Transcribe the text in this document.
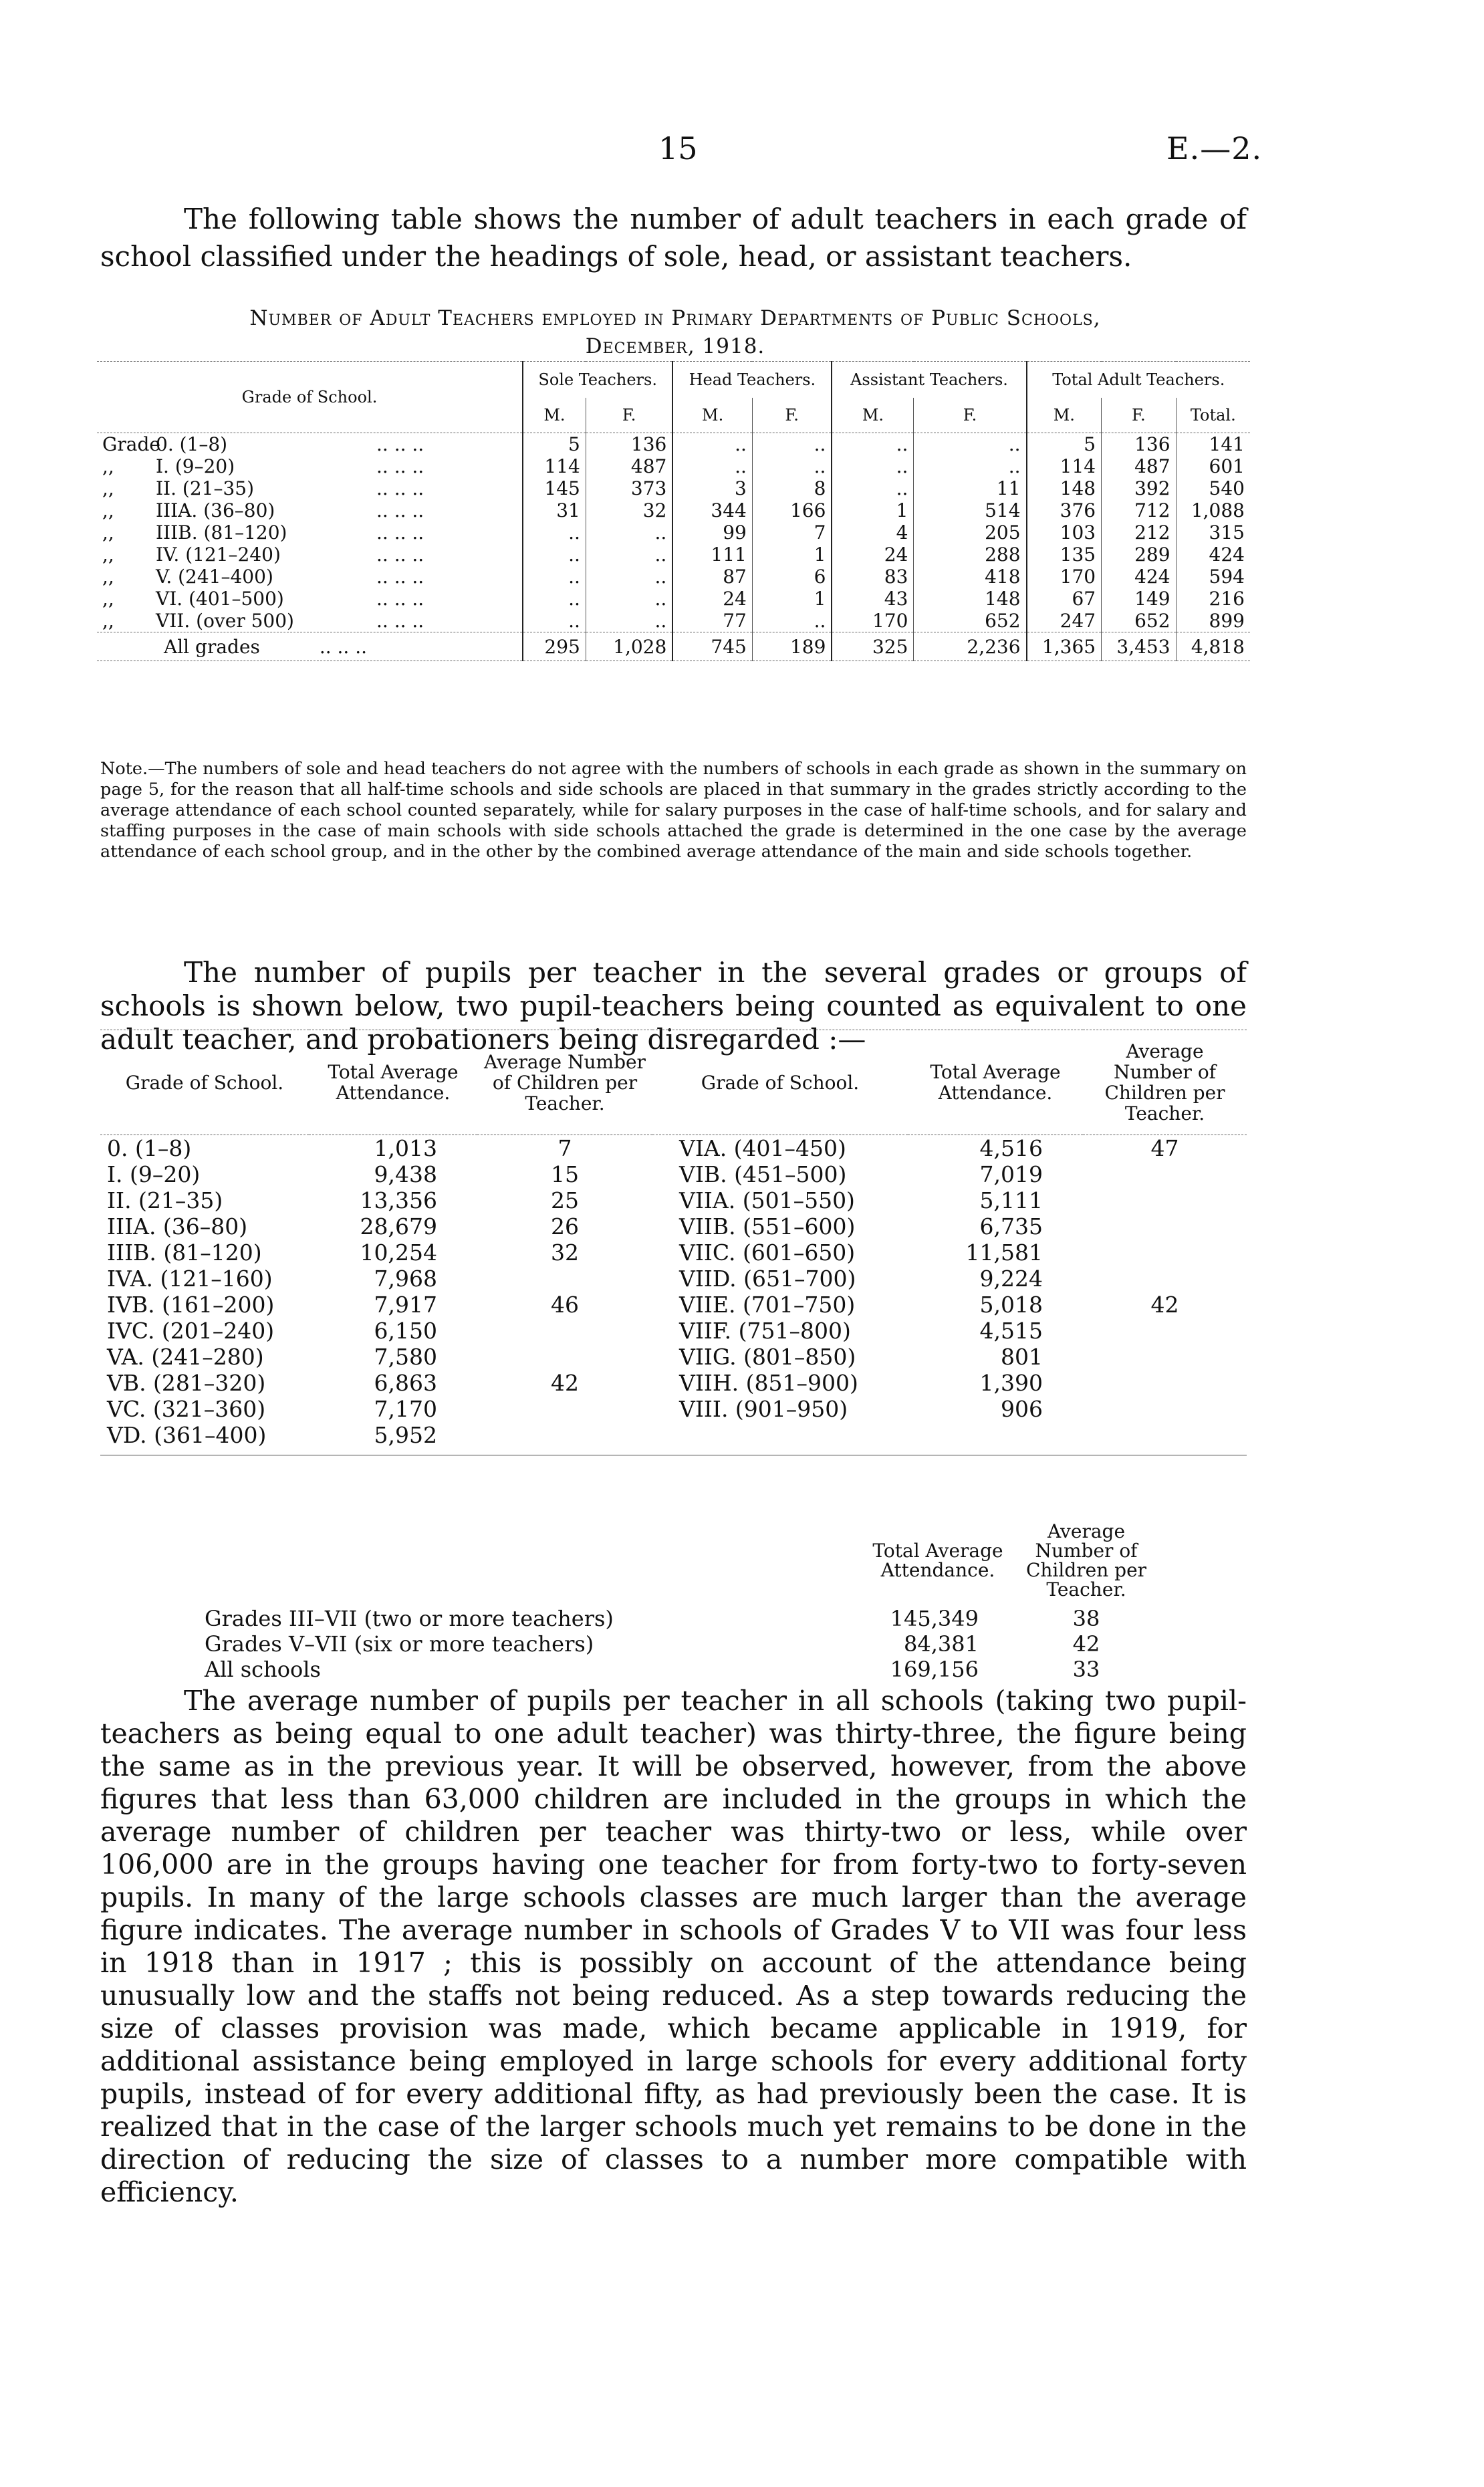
15	E.—2.
The following table shows the number of adult teachers in each grade of school classified under the headings of sole, head, or assistant teachers.
Number of Adult Teachers employed in Primary Departments of Public Schools,
December, 1918.
Grade of School.	Sole Teachers.		Head Teachers.		Assistant Teachers.		Total Adult Teachers.		
	M.	F.	M.	F.	M.	F.	M.	F.	Total.
Grade0. (1–8) .. .. ..	5	136	..	..	..	..	5	136	141
,, I. (9–20) .. .. ..	114	487	..	..	..	..	114	487	601
,, II. (21–35) .. .. ..	145	373	3	8	..	11	148	392	540
,, IIIA. (36–80) .. .. ..	31	32	344	166	1	514	376	712	1,088
,, IIIB. (81–120) .. .. ..	..	..	99	7	4	205	103	212	315
,, IV. (121–240) .. .. ..	..	..	111	1	24	288	135	289	424
,, V. (241–400) .. .. ..	..	..	87	6	83	418	170	424	594
,, VI. (401–500) .. .. ..	..	..	24	1	43	148	67	149	216
,, VII. (over 500) .. .. ..	..	..	77	..	170	652	247	652	899
All grades .. .. ..	295	1,028	745	189	325	2,236	1,365	3,453	4,818
Note.—The numbers of sole and head teachers do not agree with the numbers of schools in each grade as shown in the summary on page 5, for the reason that all half-time schools and side schools are placed in that summary in the grades strictly according to the average attendance of each school counted separately, while for salary purposes in the case of half-time schools, and for salary and staffing purposes in the case of main schools with side schools attached the grade is determined in the one case by the average attendance of each school group, and in the other by the combined average attendance of the main and side schools together.
The number of pupils per teacher in the several grades or groups of schools is shown below, two pupil-teachers being counted as equivalent to one adult teacher, and probationers being disregarded :—
Grade of School.	Total Average Attendance.	Average Number of Children per Teacher.	Grade of School.	Total Average Attendance.	Average Number of Children per Teacher.
0. (1–8)	1,013	7	VIA. (401–450)	4,516	47
I. (9–20)	9,438	15	VIB. (451–500)	7,019	
II. (21–35)	13,356	25	VIIA. (501–550)	5,111	
IIIA. (36–80)	28,679	26	VIIB. (551–600)	6,735	
IIIB. (81–120)	10,254	32	VIIC. (601–650)	11,581	
IVA. (121–160)	7,968		VIID. (651–700)	9,224	
IVB. (161–200)	7,917	46	VIIE. (701–750)	5,018	42
IVC. (201–240)	6,150		VIIF. (751–800)	4,515	
VA. (241–280)	7,580		VIIG. (801–850)	801	
VB. (281–320)	6,863	42	VIIH. (851–900)	1,390	
VC. (321–360)	7,170		VIII. (901–950)	906	
VD. (361–400)	5,952				
	Total Average Attendance.	Average Number of Children per Teacher.
Grades III–VII (two or more teachers)	145,349	38
Grades V–VII (six or more teachers)	84,381	42
All schools	169,156	33
The average number of pupils per teacher in all schools (taking two pupil-teachers as being equal to one adult teacher) was thirty-three, the figure being the same as in the previous year. It will be observed, however, from the above figures that less than 63,000 children are included in the groups in which the average number of children per teacher was thirty-two or less, while over 106,000 are in the groups having one teacher for from forty-two to forty-seven pupils. In many of the large schools classes are much larger than the average figure indicates. The average number in schools of Grades V to VII was four less in 1918 than in 1917 ; this is possibly on account of the attendance being unusually low and the staffs not being reduced. As a step towards reducing the size of classes provision was made, which became applicable in 1919, for additional assistance being employed in large schools for every additional forty pupils, instead of for every additional fifty, as had previously been the case. It is realized that in the case of the larger schools much yet remains to be done in the direction of reducing the size of classes to a number more compatible with efficiency.
